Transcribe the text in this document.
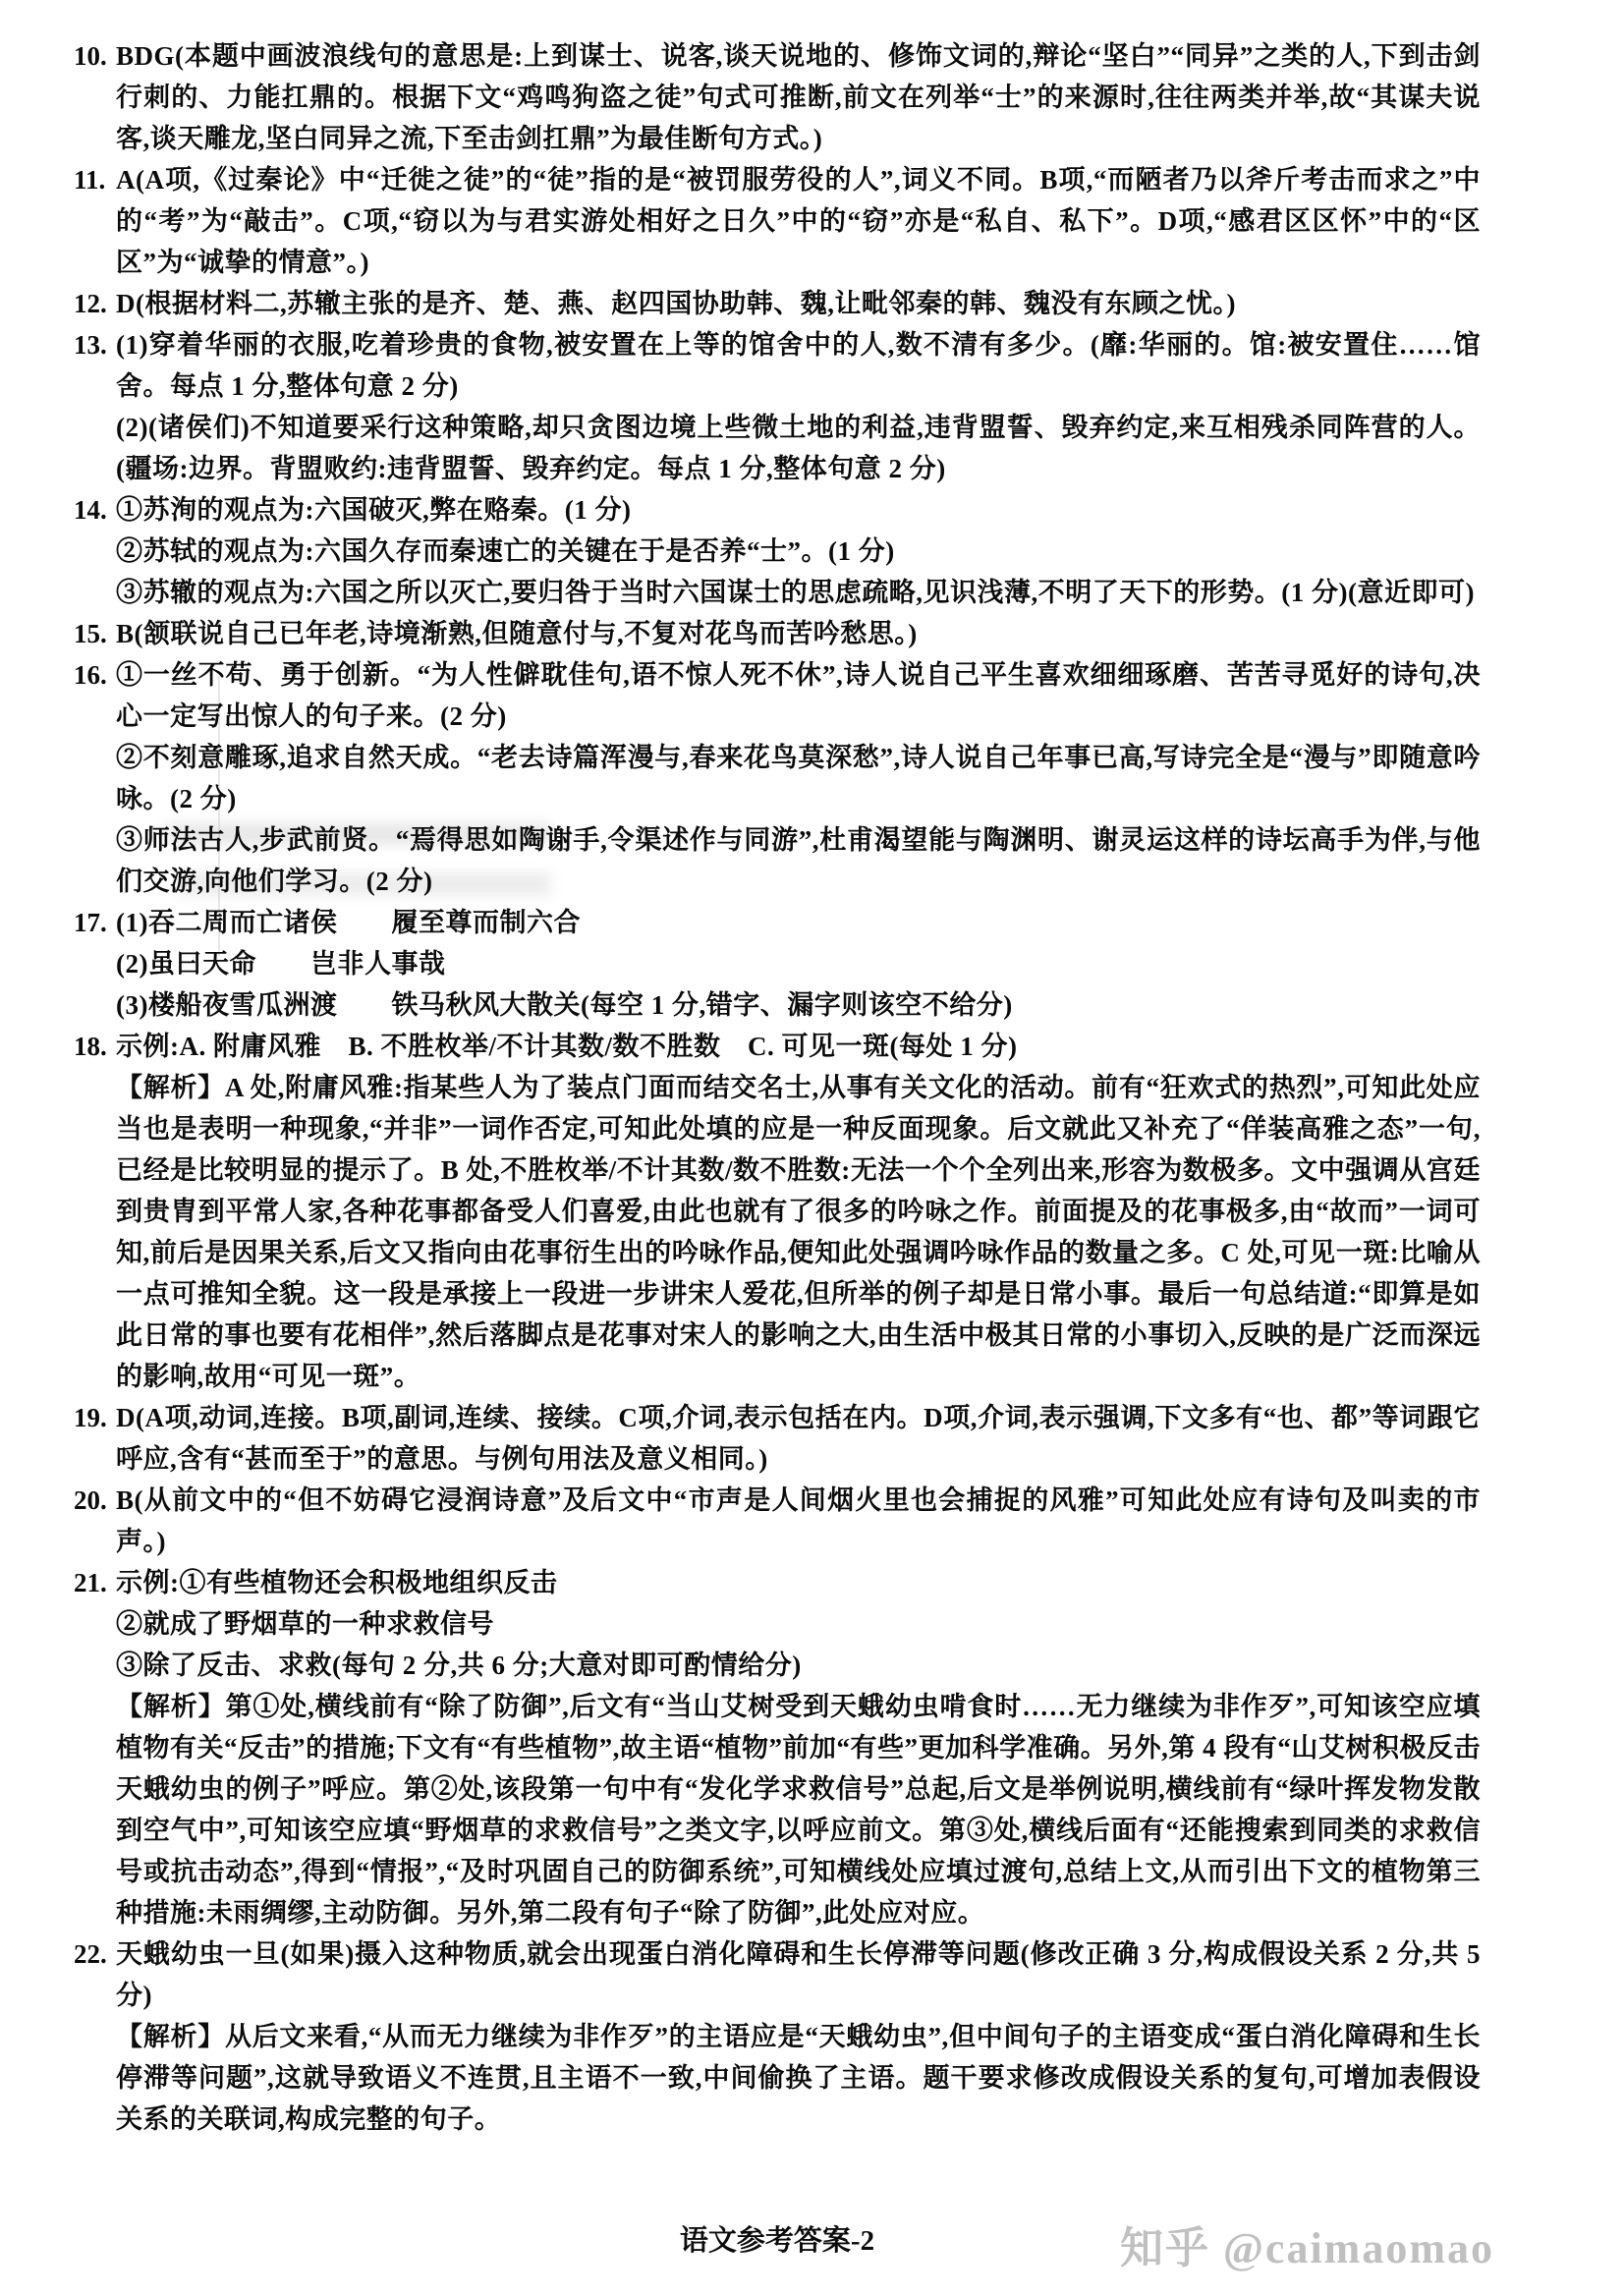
10. BDG(本题中画波浪线句的意思是:上到谋士、说客,谈天说地的、修饰文词的,辩论“坚白”“同异”之类的人,下到击剑行刺的、力能扛鼎的。根据下文“鸡鸣狗盗之徒”句式可推断,前文在列举“士”的来源时,往往两类并举,故“其谋夫说客,谈天雕龙,坚白同异之流,下至击剑扛鼎”为最佳断句方式。)

11. A(A项,《过秦论》中“迁徙之徒”的“徒”指的是“被罚服劳役的人”,词义不同。B项,“而陋者乃以斧斤考击而求之”中的“考”为“敲击”。C项,“窃以为与君实游处相好之日久”中的“窃”亦是“私自、私下”。D项,“感君区区怀”中的“区区”为“诚挚的情意”。)

12. D(根据材料二,苏辙主张的是齐、楚、燕、赵四国协助韩、魏,让毗邻秦的韩、魏没有东顾之忧。)

13. (1)穿着华丽的衣服,吃着珍贵的食物,被安置在上等的馆舍中的人,数不清有多少。(靡:华丽的。馆:被安置住……馆舍。每点 1 分,整体句意 2 分)

(2)(诸侯们)不知道要采行这种策略,却只贪图边境上些微土地的利益,违背盟誓、毁弃约定,来互相残杀同阵营的人。(疆场:边界。背盟败约:违背盟誓、毁弃约定。每点 1 分,整体句意 2 分)

14. ①苏洵的观点为:六国破灭,弊在赂秦。(1 分)

②苏轼的观点为:六国久存而秦速亡的关键在于是否养“士”。(1 分)

③苏辙的观点为:六国之所以灭亡,要归咎于当时六国谋士的思虑疏略,见识浅薄,不明了天下的形势。(1 分)(意近即可)

15. B(颔联说自己已年老,诗境渐熟,但随意付与,不复对花鸟而苦吟愁思。)

16. ①一丝不苟、勇于创新。“为人性僻耽佳句,语不惊人死不休”,诗人说自己平生喜欢细细琢磨、苦苦寻觅好的诗句,决心一定写出惊人的句子来。(2 分)

②不刻意雕琢,追求自然天成。“老去诗篇浑漫与,春来花鸟莫深愁”,诗人说自己年事已高,写诗完全是“漫与”即随意吟咏。(2 分)

③师法古人,步武前贤。“焉得思如陶谢手,令渠述作与同游”,杜甫渴望能与陶渊明、谢灵运这样的诗坛高手为伴,与他们交游,向他们学习。(2 分)

17. (1)吞二周而亡诸侯　　履至尊而制六合

(2)虽曰天命　　岂非人事哉

(3)楼船夜雪瓜洲渡　　铁马秋风大散关(每空 1 分,错字、漏字则该空不给分)

18. 示例:A. 附庸风雅　B. 不胜枚举/不计其数/数不胜数　C. 可见一斑(每处 1 分)

【解析】A 处,附庸风雅:指某些人为了装点门面而结交名士,从事有关文化的活动。前有“狂欢式的热烈”,可知此处应当也是表明一种现象,“并非”一词作否定,可知此处填的应是一种反面现象。后文就此又补充了“佯装高雅之态”一句,已经是比较明显的提示了。B 处,不胜枚举/不计其数/数不胜数:无法一个个全列出来,形容为数极多。文中强调从宫廷到贵胄到平常人家,各种花事都备受人们喜爱,由此也就有了很多的吟咏之作。前面提及的花事极多,由“故而”一词可知,前后是因果关系,后文又指向由花事衍生出的吟咏作品,便知此处强调吟咏作品的数量之多。C 处,可见一斑:比喻从一点可推知全貌。这一段是承接上一段进一步讲宋人爱花,但所举的例子却是日常小事。最后一句总结道:“即算是如此日常的事也要有花相伴”,然后落脚点是花事对宋人的影响之大,由生活中极其日常的小事切入,反映的是广泛而深远的影响,故用“可见一斑”。

19. D(A项,动词,连接。B项,副词,连续、接续。C项,介词,表示包括在内。D项,介词,表示强调,下文多有“也、都”等词跟它呼应,含有“甚而至于”的意思。与例句用法及意义相同。)

20. B(从前文中的“但不妨碍它浸润诗意”及后文中“市声是人间烟火里也会捕捉的风雅”可知此处应有诗句及叫卖的市声。)

21. 示例:①有些植物还会积极地组织反击

②就成了野烟草的一种求救信号

③除了反击、求救(每句 2 分,共 6 分;大意对即可酌情给分)

【解析】第①处,横线前有“除了防御”,后文有“当山艾树受到天蛾幼虫啃食时……无力继续为非作歹”,可知该空应填植物有关“反击”的措施;下文有“有些植物”,故主语“植物”前加“有些”更加科学准确。另外,第 4 段有“山艾树积极反击天蛾幼虫的例子”呼应。第②处,该段第一句中有“发化学求救信号”总起,后文是举例说明,横线前有“绿叶挥发物发散到空气中”,可知该空应填“野烟草的求救信号”之类文字,以呼应前文。第③处,横线后面有“还能搜索到同类的求救信号或抗击动态”,得到“情报”,“及时巩固自己的防御系统”,可知横线处应填过渡句,总结上文,从而引出下文的植物第三种措施:未雨绸缪,主动防御。另外,第二段有句子“除了防御”,此处应对应。

22. 天蛾幼虫一旦(如果)摄入这种物质,就会出现蛋白消化障碍和生长停滞等问题(修改正确 3 分,构成假设关系 2 分,共 5 分)

【解析】从后文来看,“从而无力继续为非作歹”的主语应是“天蛾幼虫”,但中间句子的主语变成“蛋白消化障碍和生长停滞等问题”,这就导致语义不连贯,且主语不一致,中间偷换了主语。题干要求修改成假设关系的复句,可增加表假设关系的关联词,构成完整的句子。

语文参考答案-2	知乎 @caimaomao
